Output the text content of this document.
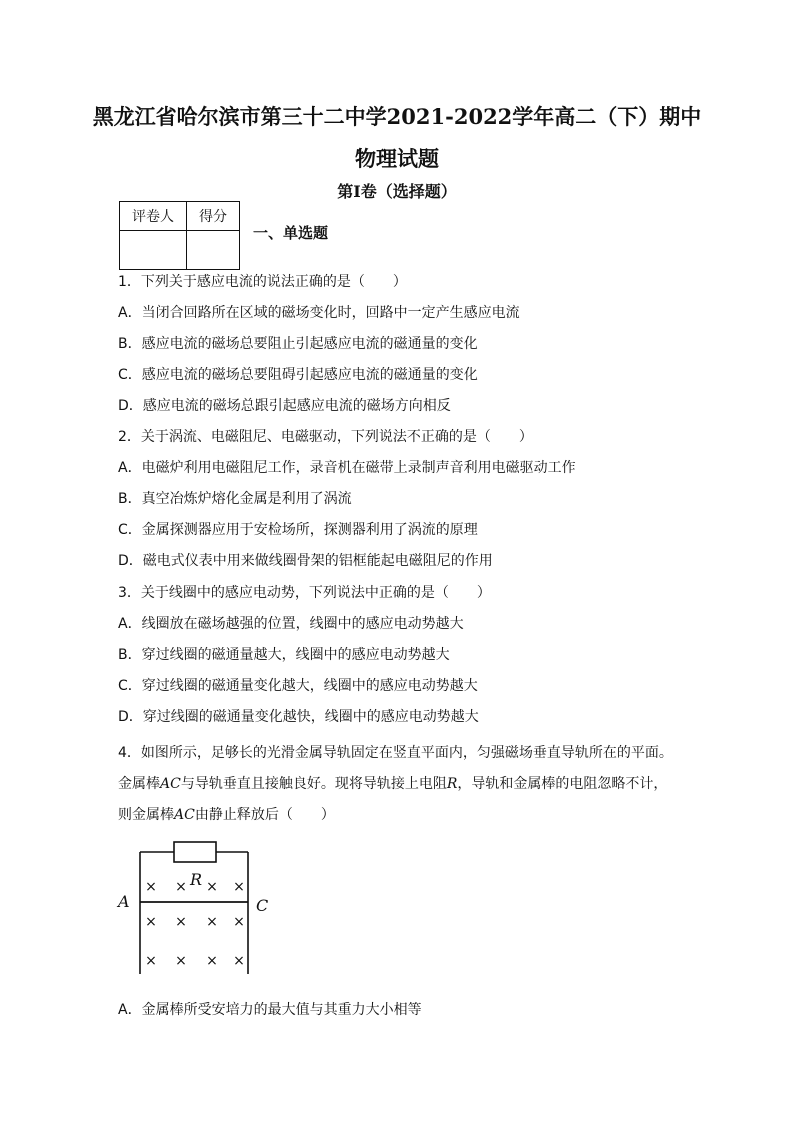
黑龙江省哈尔滨市第三十二中学2021-2022学年高二（下）期中
物理试题
第I卷（选择题）
评卷人	得分

一、单选题
1．下列关于感应电流的说法正确的是（　　）
A．当闭合回路所在区域的磁场变化时，回路中一定产生感应电流
B．感应电流的磁场总要阻止引起感应电流的磁通量的变化
C．感应电流的磁场总要阻碍引起感应电流的磁通量的变化
D．感应电流的磁场总跟引起感应电流的磁场方向相反
2．关于涡流、电磁阻尼、电磁驱动，下列说法不正确的是（　　）
A．电磁炉利用电磁阻尼工作，录音机在磁带上录制声音利用电磁驱动工作
B．真空冶炼炉熔化金属是利用了涡流
C．金属探测器应用于安检场所，探测器利用了涡流的原理
D．磁电式仪表中用来做线圈骨架的铝框能起电磁阻尼的作用
3．关于线圈中的感应电动势，下列说法中正确的是（　　）
A．线圈放在磁场越强的位置，线圈中的感应电动势越大
B．穿过线圈的磁通量越大，线圈中的感应电动势越大
C．穿过线圈的磁通量变化越大，线圈中的感应电动势越大
D．穿过线圈的磁通量变化越快，线圈中的感应电动势越大
4．如图所示，足够长的光滑金属导轨固定在竖直平面内，匀强磁场垂直导轨所在的平面。
金属棒AC与导轨垂直且接触良好。现将导轨接上电阻R，导轨和金属棒的电阻忽略不计，
则金属棒AC由静止释放后（　　）
A	C
R
× × × ×
× × × ×
× × × ×
A．金属棒所受安培力的最大值与其重力大小相等
